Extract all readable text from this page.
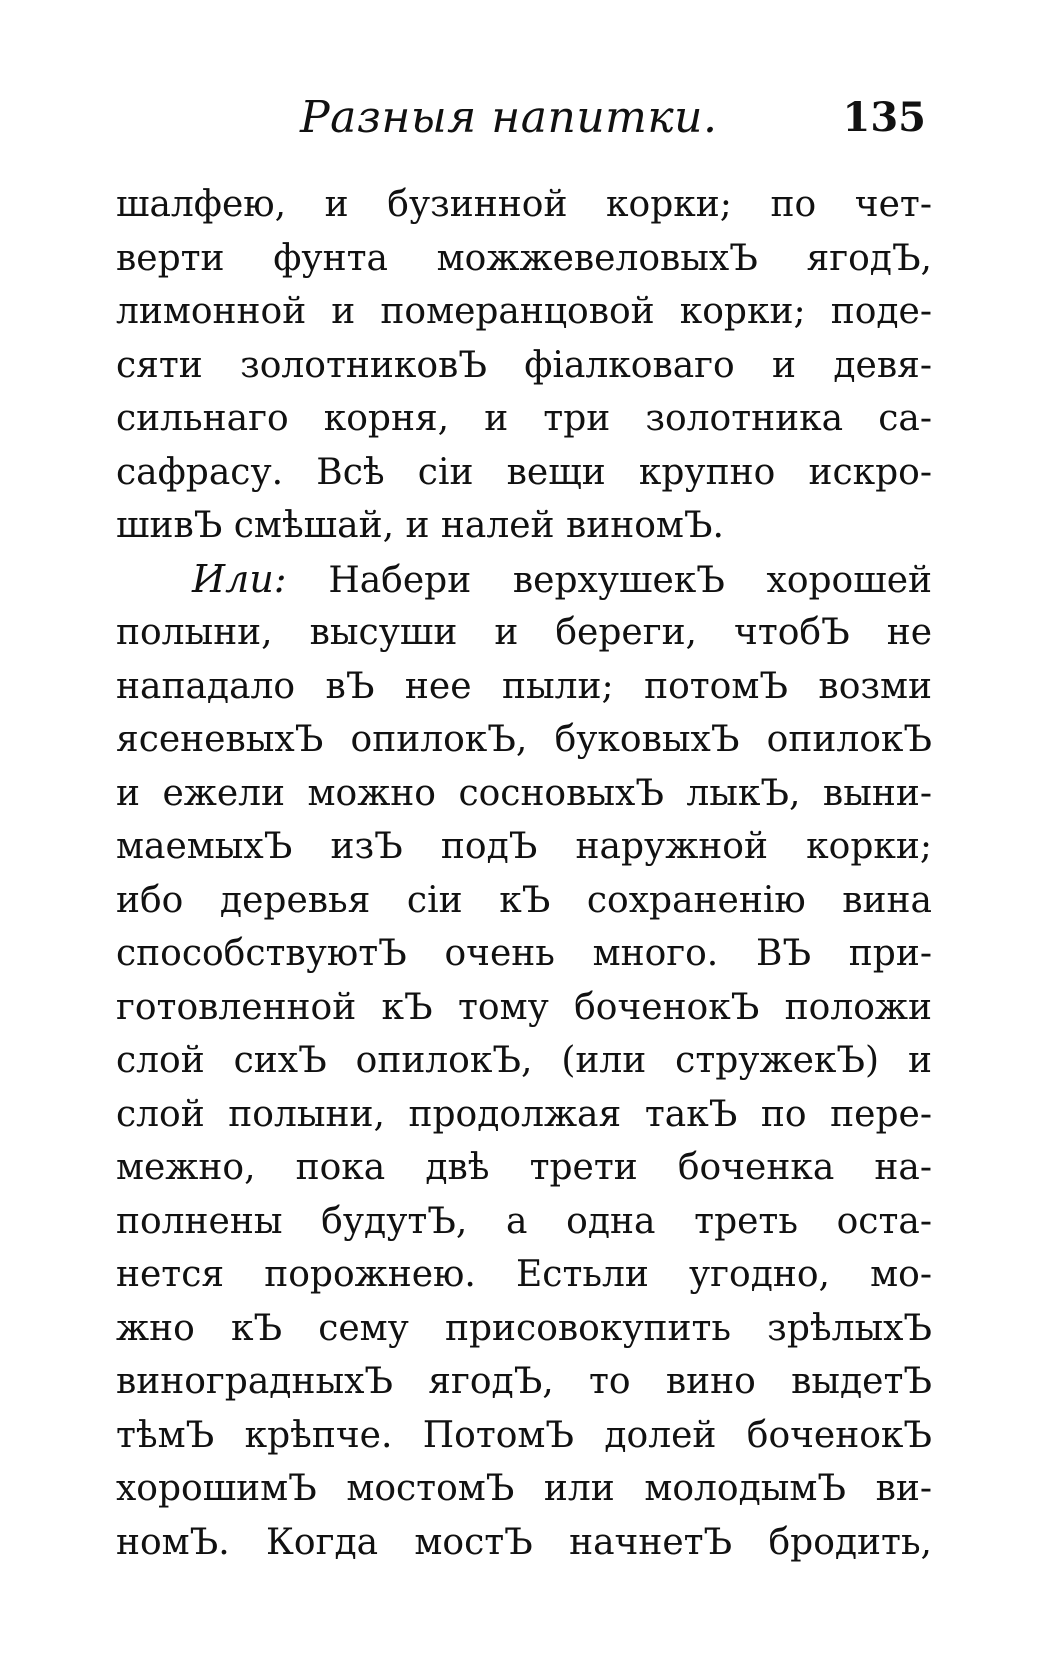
Разныя напитки.	135
шалфею, и бузинной корки; по чет-
верти фунта можжевеловыхЪ ягодЪ,
лимонной и померанцовой корки; поде-
сяти золотниковЪ фіалковаго и девя-
сильнаго корня, и три золотника са-
сафрасу. Всѣ сіи вещи крупно искро-
шивЪ смѣшай, и налей виномЪ.
Или: Набери верхушекЪ хорошей
полыни, высуши и береги, чтобЪ не
нападало вЪ нее пыли; потомЪ возми
ясеневыхЪ опилокЪ, буковыхЪ опилокЪ
и ежели можно сосновыхЪ лыкЪ, выни-
маемыхЪ изЪ подЪ наружной корки;
ибо деревья сіи кЪ сохраненію вина
способствуютЪ очень много. ВЪ при-
готовленной кЪ тому боченокЪ положи
слой сихЪ опилокЪ, (или стружекЪ) и
слой полыни, продолжая такЪ по пере-
межно, пока двѣ трети боченка на-
полнены будутЪ, а одна треть оста-
нется порожнею. Естьли угодно, мо-
жно кЪ сему присовокупить зрѣлыхЪ
виноградныхЪ ягодЪ, то вино выдетЪ
тѣмЪ крѣпче. ПотомЪ долей боченокЪ
хорошимЪ мостомЪ или молодымЪ ви-
номЪ. Когда мостЪ начнетЪ бродить,
